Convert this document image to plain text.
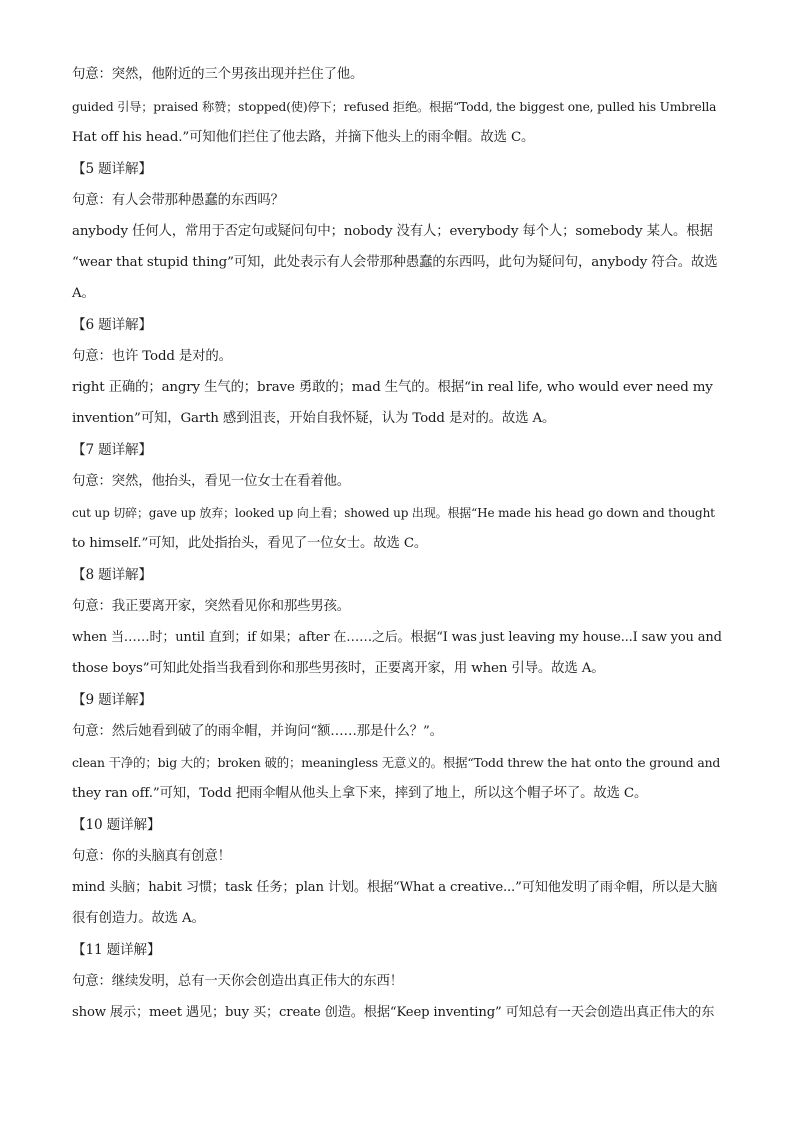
句意：突然，他附近的三个男孩出现并拦住了他。
guided 引导；praised 称赞；stopped(使)停下；refused 拒绝。根据“Todd, the biggest one, pulled his Umbrella
Hat off his head.”可知他们拦住了他去路，并摘下他头上的雨伞帽。故选 C。
【5 题详解】
句意：有人会带那种愚蠢的东西吗？
anybody 任何人，常用于否定句或疑问句中；nobody 没有人；everybody 每个人；somebody 某人。根据
“wear that stupid thing”可知，此处表示有人会带那种愚蠢的东西吗，此句为疑问句，anybody 符合。故选
A。
【6 题详解】
句意：也许 Todd 是对的。
right 正确的；angry 生气的；brave 勇敢的；mad 生气的。根据“in real life, who would ever need my
invention”可知，Garth 感到沮丧，开始自我怀疑，认为 Todd 是对的。故选 A。
【7 题详解】
句意：突然，他抬头，看见一位女士在看着他。
cut up 切碎；gave up 放弃；looked up 向上看；showed up 出现。根据“He made his head go down and thought
to himself.”可知，此处指抬头，看见了一位女士。故选 C。
【8 题详解】
句意：我正要离开家，突然看见你和那些男孩。
when 当……时；until 直到；if 如果；after 在……之后。根据“I was just leaving my house...I saw you and
those boys”可知此处指当我看到你和那些男孩时，正要离开家，用 when 引导。故选 A。
【9 题详解】
句意：然后她看到破了的雨伞帽，并询问“额……那是什么？”。
clean 干净的；big 大的；broken 破的；meaningless 无意义的。根据“Todd threw the hat onto the ground and
they ran off.”可知，Todd 把雨伞帽从他头上拿下来，摔到了地上，所以这个帽子坏了。故选 C。
【10 题详解】
句意：你的头脑真有创意！
mind 头脑；habit 习惯；task 任务；plan 计划。根据“What a creative...”可知他发明了雨伞帽，所以是大脑
很有创造力。故选 A。
【11 题详解】
句意：继续发明，总有一天你会创造出真正伟大的东西！
show 展示；meet 遇见；buy 买；create 创造。根据“Keep inventing” 可知总有一天会创造出真正伟大的东
